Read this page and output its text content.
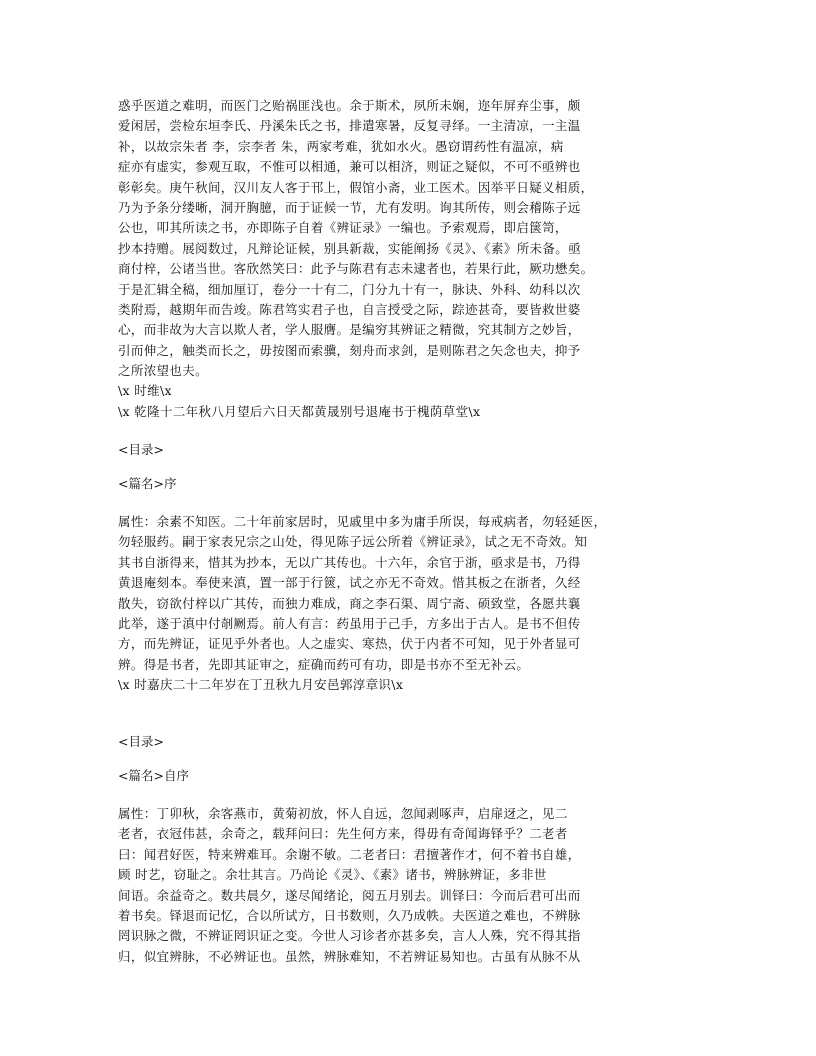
惑乎医道之难明，而医门之贻祸匪浅也。余于斯术，夙所未娴，迩年屏弃尘事，颇
爱闲居，尝检东垣李氏、丹溪朱氏之书，排遣寒暑，反复寻绎。一主清凉，一主温
补，以故宗朱者 李，宗李者 朱，两家考难，犹如水火。愚窃谓药性有温凉，病
症亦有虚实，参观互取，不惟可以相通，兼可以相济，则证之疑似，不可不亟辨也
彰彰矣。庚午秋间，汉川友人客于邗上，假馆小斋，业工医术。因举平日疑义相质，
乃为予条分缕晰，洞开胸臆，而于证候一节，尤有发明。询其所传，则会稽陈子远
公也，叩其所读之书，亦即陈子自着《辨证录》一编也。予索观焉，即启箧笥，
抄本持赠。展阅数过，凡辩论证候，别具新裁，实能阐扬《灵》、《素》所未备。亟
商付梓，公诸当世。客欣然笑曰：此予与陈君有志未逮者也，若果行此，厥功懋矣。
于是汇辑全稿，细加厘订，卷分一十有二，门分九十有一，脉诀、外科、幼科以次
类附焉，越期年而告竣。陈君笃实君子也，自言授受之际，踪迹甚奇，要皆救世婆
心，而非故为大言以欺人者，学人服膺。是编穷其辨证之精微，究其制方之妙旨，
引而伸之，触类而长之，毋按图而索骥，刻舟而求剑，是则陈君之矢念也夫，抑予
之所浓望也夫。
\x 时维\x
\x 乾隆十二年秋八月望后六日天都黄晟别号退庵书于槐荫草堂\x
<目录>
<篇名>序
属性：余素不知医。二十年前家居时，见戚里中多为庸手所误，每戒病者，勿轻延医，
勿轻服药。嗣于家表兄宗之山处，得见陈子远公所着《辨证录》，试之无不奇效。知
其书自浙得来，惜其为抄本，无以广其传也。十六年，余官于浙，亟求是书，乃得
黄退庵刻本。奉使来滇，置一部于行篋，试之亦无不奇效。惜其板之在浙者，久经
散失，窃欲付梓以广其传，而独力难成，商之李石渠、周宁斋、硕致堂，各愿共襄
此举，遂于滇中付剞劂焉。前人有言：药虽用于己手，方多出于古人。是书不但传
方，而先辨证，证见乎外者也。人之虚实、寒热，伏于内者不可知，见于外者显可
辨。得是书者，先即其证审之，症确而药可有功，即是书亦不至无补云。
\x 时嘉庆二十二年岁在丁丑秋九月安邑郭淳章识\x
<目录>
<篇名>自序
属性：丁卯秋，余客燕市，黄菊初放，怀人自远，忽闻剥啄声，启扉迓之，见二
老者，衣冠伟甚，余奇之，载拜问曰：先生何方来，得毋有奇闻诲铎乎？二老者
曰：闻君好医，特来辨难耳。余谢不敏。二老者曰：君擅著作才，何不着书自雄，
顾 时艺，窃耻之。余壮其言。乃尚论《灵》、《素》诸书，辨脉辨证，多非世
间语。余益奇之。数共晨夕，遂尽闻绪论，阅五月别去。训铎曰：今而后君可出而
着书矣。铎退而记忆，合以所试方，日书数则，久乃成帙。夫医道之难也，不辨脉
罔识脉之微，不辨证罔识证之变。今世人习诊者亦甚多矣，言人人殊，究不得其指
归，似宜辨脉，不必辨证也。虽然，辨脉难知，不若辨证易知也。古虽有从脉不从
